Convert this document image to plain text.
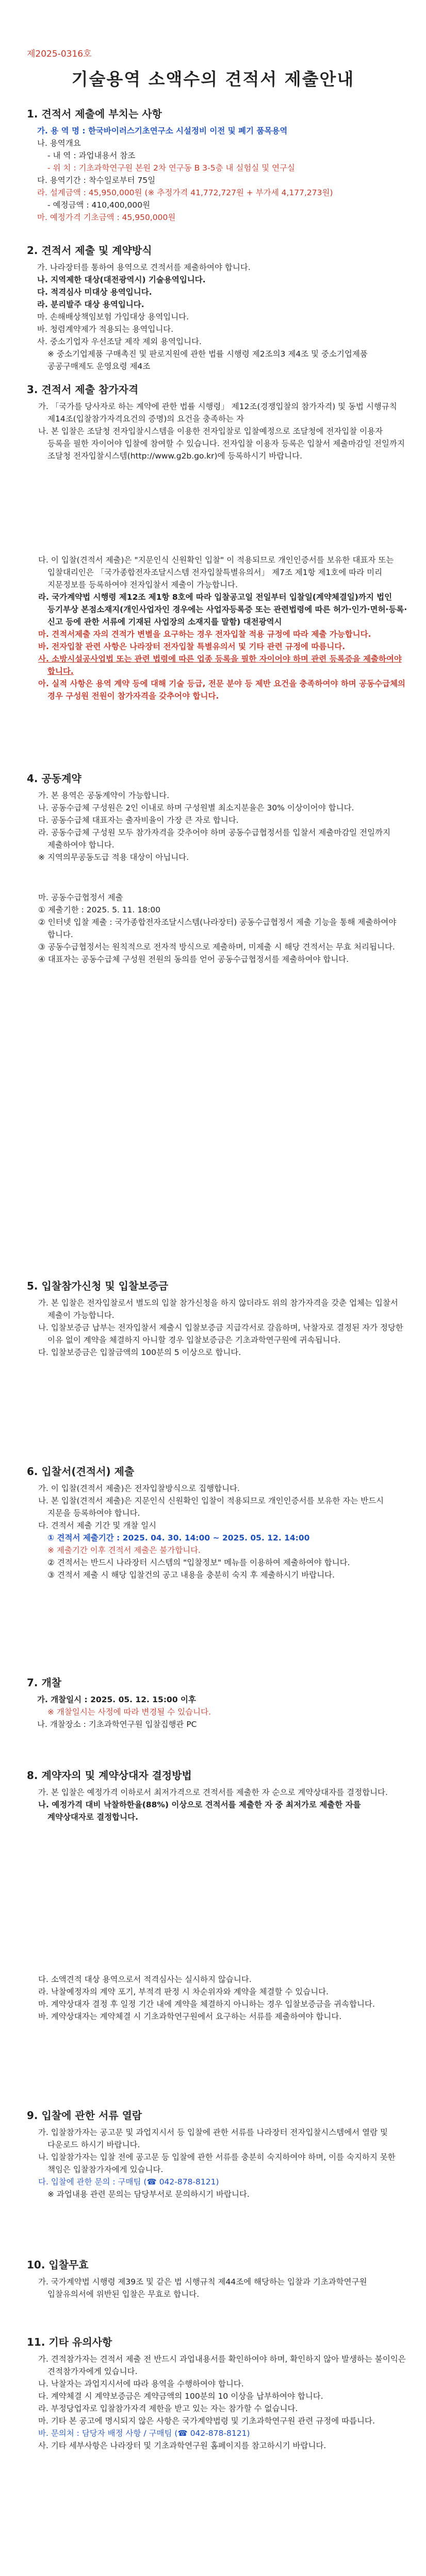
제2025-0316호
기술용역 소액수의 견적서 제출안내

1. 견적서 제출에 부치는 사항

가. 용 역 명 : 한국바이러스기초연구소 시설정비 이전 및 폐기 품목용역

나. 용역개요

- 내 역 : 과업내용서 참조

- 위 치 : 기초과학연구원 본원 2차 연구동 B 3-5층 내 실험실 및 연구실

다. 용역기간 : 착수일로부터 75일

라. 설계금액 : 45,950,000원 (※ 추정가격 41,772,727원 + 부가세 4,177,273원)

- 예정금액 : 410,400,000원

마. 예정가격 기초금액 : 45,950,000원

2. 견적서 제출 및 계약방식

가. 나라장터를 통하여 용역으로 견적서를 제출하여야 합니다.

나. 지역제한 대상(대전광역시) 기술용역입니다.

다. 적격심사 미대상 용역입니다.

라. 분리발주 대상 용역입니다.

마. 손해배상책임보험 가입대상 용역입니다.

바. 청렴계약제가 적용되는 용역입니다.

사. 중소기업자 우선조달 제작 제외 용역입니다.

※ 중소기업제품 구매촉진 및 판로지원에 관한 법률 시행령 제2조의3 제4조 및 중소기업제품 공공구매제도 운영요령 제4조

3. 견적서 제출 참가자격

가. 「국가를 당사자로 하는 계약에 관한 법률 시행령」 제12조(경쟁입찰의 참가자격) 및 동법 시행규칙 제14조(입찰참가자격요건의 증명)의 요건을 충족하는 자

나. 본 입찰은 조달청 전자입찰시스템을 이용한 전자입찰로 입찰예정으로 조달청에 전자입찰 이용자 등록을 필한 자이어야 입찰에 참여할 수 있습니다. 전자입찰 이용자 등록은 입찰서 제출마감일 전일까지 조달청 전자입찰시스템(http://www.g2b.go.kr)에 등록하시기 바랍니다.

다. 이 입찰(견적서 제출)은 "지문인식 신원확인 입찰" 이 적용되므로 개인인증서를 보유한 대표자 또는 입찰대리인은 「국가종합전자조달시스템 전자입찰특별유의서」 제7조 제1항 제1호에 따라 미리 지문정보를 등록하여야 전자입찰서 제출이 가능합니다.

라. 국가계약법 시행령 제12조 제1항 8호에 따라 입찰공고일 전일부터 입찰일(계약체결일)까지 법인 등기부상 본점소재지(개인사업자인 경우에는 사업자등록증 또는 관련법령에 따른 허가·인가·면허·등록·신고 등에 관한 서류에 기재된 사업장의 소재지를 말함) 대전광역시

마. 견적서제출 자의 견적가 변별을 요구하는 경우 전자입찰 적용 규정에 따라 제출 가능합니다.

바. 전자입찰 관련 사항은 나라장터 전자입찰 특별유의서 및 기타 관련 규정에 따름니다.

사. 소방시설공사업법 또는 관련 법령에 따른 업종 등록을 필한 자이어야 하며 관련 등록증을 제출하여야 합니다.

아. 실적 사항은 용역 계약 등에 대해 기술 등급, 전문 분야 등 제반 요건을 충족하여야 하며 공동수급체의 경우 구성원 전원이 참가자격을 갖추어야 합니다.

4. 공동계약

가. 본 용역은 공동계약이 가능합니다.

나. 공동수급체 구성원은 2인 이내로 하며 구성원별 최소지분율은 30% 이상이어야 합니다.

다. 공동수급체 대표자는 출자비율이 가장 큰 자로 합니다.

라. 공동수급체 구성원 모두 참가자격을 갖추어야 하며 공동수급협정서를 입찰서 제출마감일 전일까지 제출하여야 합니다.

※ 지역의무공동도급 적용 대상이 아닙니다.

마. 공동수급협정서 제출

① 제출기한 : 2025. 5. 11. 18:00

② 인터넷 입찰 제출 : 국가종합전자조달시스템(나라장터) 공동수급협정서 제출 기능을 통해 제출하여야 합니다.

③ 공동수급협정서는 원칙적으로 전자적 방식으로 제출하며, 미제출 시 해당 견적서는 무효 처리됩니다.

④ 대표자는 공동수급체 구성원 전원의 동의를 얻어 공동수급협정서를 제출하여야 합니다.

5. 입찰참가신청 및 입찰보증금

가. 본 입찰은 전자입찰로서 별도의 입찰 참가신청을 하지 않더라도 위의 참가자격을 갖춘 업체는 입찰서 제출이 가능합니다.

나. 입찰보증금 납부는 전자입찰서 제출시 입찰보증금 지급각서로 갈음하며, 낙찰자로 결정된 자가 정당한 이유 없이 계약을 체결하지 아니할 경우 입찰보증금은 기초과학연구원에 귀속됩니다.

다. 입찰보증금은 입찰금액의 100분의 5 이상으로 합니다.

6. 입찰서(견적서) 제출

가. 이 입찰(견적서 제출)은 전자입찰방식으로 집행합니다.

나. 본 입찰(견적서 제출)은 지문인식 신원확인 입찰이 적용되므로 개인인증서를 보유한 자는 반드시 지문을 등록하여야 합니다.

다. 견적서 제출 기간 및 개찰 일시

① 견적서 제출기간 : 2025. 04. 30. 14:00 ~ 2025. 05. 12. 14:00

※ 제출기간 이후 견적서 제출은 불가합니다.

② 견적서는 반드시 나라장터 시스템의 "입찰정보" 메뉴를 이용하여 제출하여야 합니다.

③ 견적서 제출 시 해당 입찰건의 공고 내용을 충분히 숙지 후 제출하시기 바랍니다.

7. 개찰

가. 개찰일시 : 2025. 05. 12. 15:00 이후

※ 개찰일시는 사정에 따라 변경될 수 있습니다.

나. 개찰장소 : 기초과학연구원 입찰집행관 PC

8. 계약자의 및 계약상대자 결정방법

가. 본 입찰은 예정가격 이하로서 최저가격으로 견적서를 제출한 자 순으로 계약상대자를 결정합니다.

나. 예정가격 대비 낙찰하한율(88%) 이상으로 견적서를 제출한 자 중 최저가로 제출한 자를 계약상대자로 결정합니다.

다. 소액견적 대상 용역으로서 적격심사는 실시하지 않습니다.

라. 낙찰예정자의 계약 포기, 부적격 판정 시 차순위자와 계약을 체결할 수 있습니다.

마. 계약상대자 결정 후 일정 기간 내에 계약을 체결하지 아니하는 경우 입찰보증금을 귀속합니다.

바. 계약상대자는 계약체결 시 기초과학연구원에서 요구하는 서류를 제출하여야 합니다.

9. 입찰에 관한 서류 열람

가. 입찰참가자는 공고문 및 과업지시서 등 입찰에 관한 서류를 나라장터 전자입찰시스템에서 열람 및 다운로드 하시기 바랍니다.

나. 입찰참가자는 입찰 전에 공고문 등 입찰에 관한 서류를 충분히 숙지하여야 하며, 이를 숙지하지 못한 책임은 입찰참가자에게 있습니다.

다. 입찰에 관한 문의 : 구매팀 (☎ 042-878-8121)

※ 과업내용 관련 문의는 담당부서로 문의하시기 바랍니다.

10. 입찰무효

가. 국가계약법 시행령 제39조 및 같은 법 시행규칙 제44조에 해당하는 입찰과 기초과학연구원 입찰유의서에 위반된 입찰은 무효로 합니다.

11. 기타 유의사항

가. 견적참가자는 견적서 제출 전 반드시 과업내용서를 확인하여야 하며, 확인하지 않아 발생하는 불이익은 견적참가자에게 있습니다.

나. 낙찰자는 과업지시서에 따라 용역을 수행하여야 합니다.

다. 계약체결 시 계약보증금은 계약금액의 100분의 10 이상을 납부하여야 합니다.

라. 부정당업자로 입찰참가자격 제한을 받고 있는 자는 참가할 수 없습니다.

마. 기타 본 공고에 명시되지 않은 사항은 국가계약법령 및 기초과학연구원 관련 규정에 따릅니다.

바. 문의처 : 담당자 배정 사항 / 구매팀 (☎ 042-878-8121)

사. 기타 세부사항은 나라장터 및 기초과학연구원 홈페이지를 참고하시기 바랍니다.
